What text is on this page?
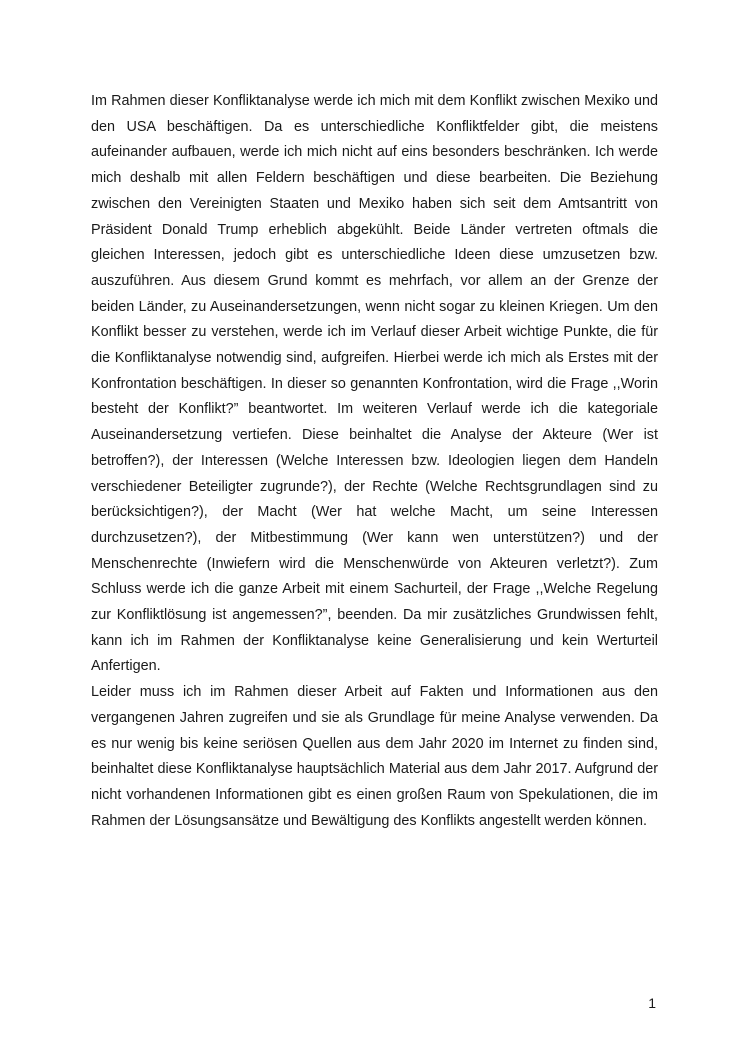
Im Rahmen dieser Konfliktanalyse werde ich mich mit dem Konflikt zwischen Mexiko und den USA beschäftigen. Da es unterschiedliche Konfliktfelder gibt, die meistens aufeinander aufbauen, werde ich mich nicht auf eins besonders beschränken. Ich werde mich deshalb mit allen Feldern beschäftigen und diese bearbeiten. Die Beziehung zwischen den Vereinigten Staaten und Mexiko haben sich seit dem Amtsantritt von Präsident Donald Trump erheblich abgekühlt. Beide Länder vertreten oftmals die gleichen Interessen, jedoch gibt es unterschiedliche Ideen diese umzusetzen bzw. auszuführen. Aus diesem Grund kommt es mehrfach, vor allem an der Grenze der beiden Länder, zu Auseinandersetzungen, wenn nicht sogar zu kleinen Kriegen. Um den Konflikt besser zu verstehen, werde ich im Verlauf dieser Arbeit wichtige Punkte, die für die Konfliktanalyse notwendig sind, aufgreifen. Hierbei werde ich mich als Erstes mit der Konfrontation beschäftigen. In dieser so genannten Konfrontation, wird die Frage ,,Worin besteht der Konflikt?” beantwortet. Im weiteren Verlauf werde ich die kategoriale Auseinandersetzung vertiefen. Diese beinhaltet die Analyse der Akteure (Wer ist betroffen?), der Interessen (Welche Interessen bzw. Ideologien liegen dem Handeln verschiedener Beteiligter zugrunde?), der Rechte (Welche Rechtsgrundlagen sind zu berücksichtigen?), der Macht (Wer hat welche Macht, um seine Interessen durchzusetzen?), der Mitbestimmung (Wer kann wen unterstützen?) und der Menschenrechte (Inwiefern wird die Menschenwürde von Akteuren verletzt?). Zum Schluss werde ich die ganze Arbeit mit einem Sachurteil, der Frage ,,Welche Regelung zur Konfliktlösung ist angemessen?”, beenden. Da mir zusätzliches Grundwissen fehlt, kann ich im Rahmen der Konfliktanalyse keine Generalisierung und kein Werturteil Anfertigen.

Leider muss ich im Rahmen dieser Arbeit auf Fakten und Informationen aus den vergangenen Jahren zugreifen und sie als Grundlage für meine Analyse verwenden. Da es nur wenig bis keine seriösen Quellen aus dem Jahr 2020 im Internet zu finden sind, beinhaltet diese Konfliktanalyse hauptsächlich Material aus dem Jahr 2017. Aufgrund der nicht vorhandenen Informationen gibt es einen großen Raum von Spekulationen, die im Rahmen der Lösungsansätze und Bewältigung des Konflikts angestellt werden können.

1
